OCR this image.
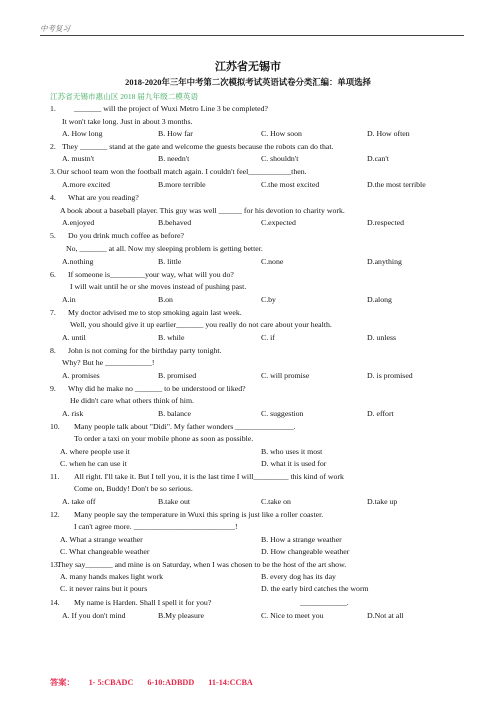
中考复习
江苏省无锡市
2018-2020年三年中考第二次模拟考试英语试卷分类汇编：单项选择
江苏省无锡市惠山区 2018 届九年级二模英语
1. _______ will the project of Wuxi Metro Line 3 be completed?
It won't take long. Just in about 3 months.
A. How long	B. How far	C. How soon	D. How often
2. They _______ stand at the gate and welcome the guests because the robots can do that.
A. mustn't	B. needn't	C. shouldn't	D.can't
3. Our school team won the football match again. I couldn't feel___________then.
A.more excited	B.more terrible	C.the most excited	D.the most terrible
4. What are you reading?
A book about a baseball player. This guy was well ______ for his devotion to charity work.
A.enjoyed	B.behaved	C.expected	D.respected
5. Do you drink much coffee as before?
No, _______ at all. Now my sleeping problem is getting better.
A.nothing	B. little	C.none	D.anything
6. If someone is_________your way, what will you do?
I will wait until he or she moves instead of pushing past.
A.in	B.on	C.by	D.along
7. My doctor advised me to stop smoking again last week.
Well, you should give it up earlier_______ you really do not care about your health.
A. until	B. while	C. if	D. unless
8. John is not coming for the birthday party tonight.
Why? But he ____________!
A. promises	B. promised	C. will promise	D. is promised
9. Why did he make no _______ to be understood or liked?
He didn't care what others think of him.
A. risk	B. balance	C. suggestion	D. effort
10. Many people talk about "Didi". My father wonders _______________.
To order a taxi on your mobile phone as soon as possible.
A. where people use it	B. who uses it most
C. when he can use it	D. what it is used for
11. All right. I'll take it. But I tell you, it is the last time I will_________ this kind of work
Come on, Buddy! Don't be so serious.
A. take off	B.take out	C.take on	D.take up
12. Many people say the temperature in Wuxi this spring is just like a roller coaster.
I can't agree more. __________________________!
A. What a strange weather	B. How a strange weather
C. What changeable weather	D. How changeable weather
13.
They say_______ and mine is on Saturday, when I was chosen to be the host of the art show.
A. many hands makes light work	B. every dog has its day
C. it never rains but it pours	D. the early bird catches the worm
14. My name is Harden. Shall I spell it for you?	____________.
A. If you don't mind	B.My pleasure	C. Nice to meet you	D.Not at all
答案： 1- 5:CBADC 6-10:ADBDD 11-14:CCBA
